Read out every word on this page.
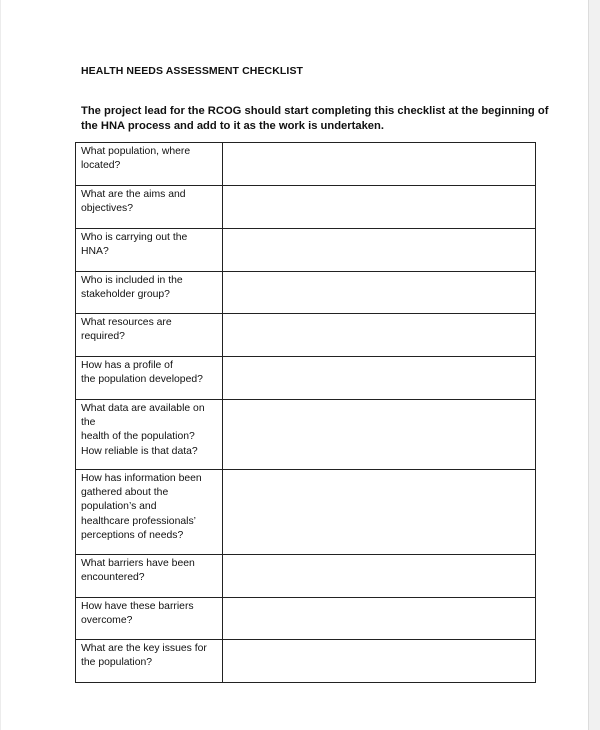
HEALTH NEEDS ASSESSMENT CHECKLIST
The project lead for the RCOG should start completing this checklist at the beginning of the HNA process and add to it as the work is undertaken.
What population, where
located?	

What are the aims and
objectives?	

Who is carrying out the
HNA?	

Who is included in the
stakeholder group?	

What resources are
required?	

How has a profile of
the population developed?	

What data are available on
the
health of the population?
How reliable is that data?	

How has information been
gathered about the
population’s and
healthcare professionals’
perceptions of needs?	

What barriers have been
encountered?	

How have these barriers
overcome?	

What are the key issues for
the population?	
